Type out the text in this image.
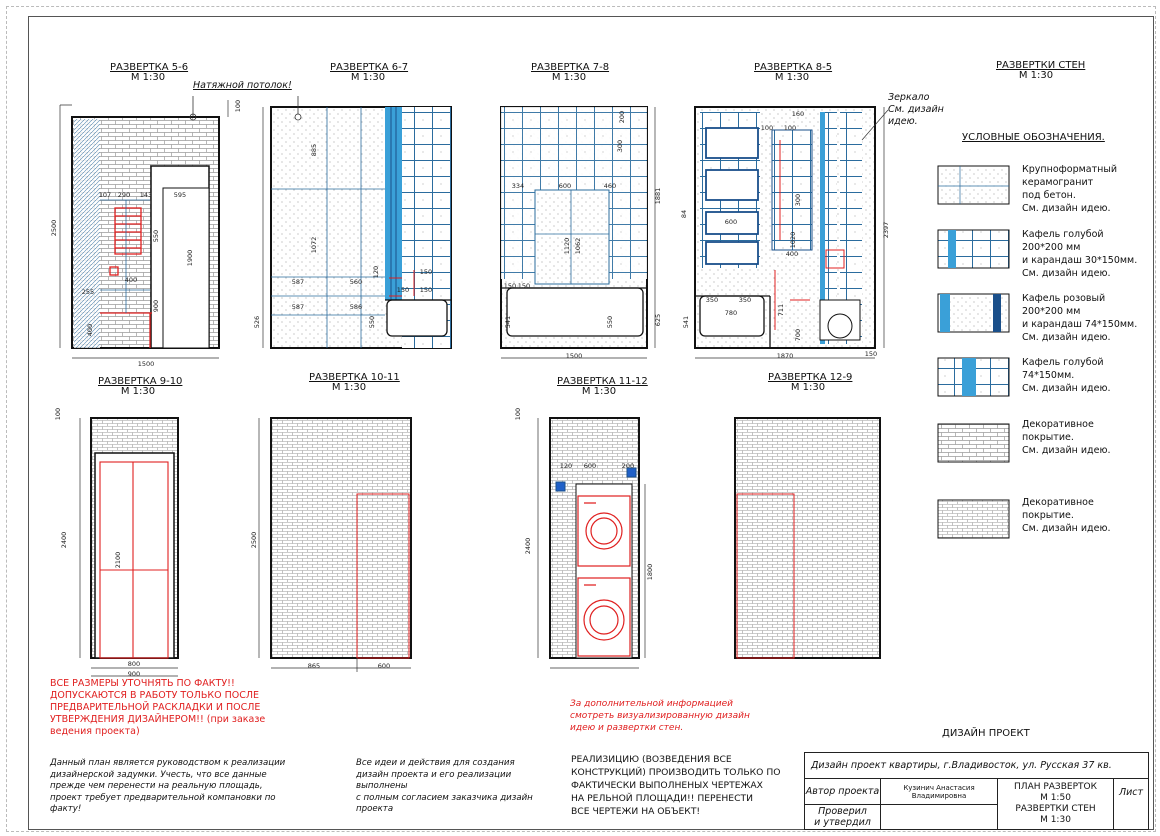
100
2500
107 290 143	595
550
400
900
255
1900
400
1500
885
1072
587	560
587	586
526	550
150
150
150
120
200
334	600	460
1120 1062
1881
300
150 150
541	550	625
1500
100 100
160
300
600
1020
400
2397
350	350
780	711
700
1870
541
150
84
100
2400
2100
800
900
2500
865	600
100
2400
120 600	200
1800
РАЗВЕРТКА 5-6
М 1:30
РАЗВЕРТКА 6-7
М 1:30
РАЗВЕРТКА 7-8
М 1:30
РАЗВЕРТКА 8-5
М 1:30
РАЗВЕРТКИ СТЕН
М 1:30
РАЗВЕРТКА 9-10
М 1:30
РАЗВЕРТКА 10-11
М 1:30
РАЗВЕРТКА 11-12
М 1:30
РАЗВЕРТКА 12-9
М 1:30
Натяжной потолок!
Зеркало
См. дизайн
идею.
УСЛОВНЫЕ ОБОЗНАЧЕНИЯ.
Крупноформатный
керамогранит
под бетон.
См. дизайн идею.
Кафель голубой
200*200 мм
и карандаш 30*150мм.
См. дизайн идею.
Кафель розовый
200*200 мм
и карандаш 74*150мм.
См. дизайн идею.
Кафель голубой
74*150мм.
См. дизайн идею.
Декоративное
покрытие.
См. дизайн идею.
Декоративное
покрытие.
См. дизайн идею.
ВСЕ РАЗМЕРЫ УТОЧНЯТЬ ПО ФАКТУ!!
ДОПУСКАЮТСЯ В РАБОТУ ТОЛЬКО ПОСЛЕ
ПРЕДВАРИТЕЛЬНОЙ РАСКЛАДКИ И ПОСЛЕ
УТВЕРЖДЕНИЯ ДИЗАЙНЕРОМ!! (при заказе
ведения проекта)
За дополнительной информацией
смотреть визуализированную дизайн
идею и развертки стен.
Данный план является руководством к реализации
дизайнерской задумки. Учесть, что все данные
прежде чем перенести на реальную площадь,
проект требует предварительной компановки по
факту!
Все идеи и действия для создания
дизайн проекта и его реализации
выполнены
с полным согласием заказчика дизайн
проекта
РЕАЛИЗИЦИЮ (ВОЗВЕДЕНИЯ ВСЕ
КОНСТРУКЦИЙ) ПРОИЗВОДИТЬ ТОЛЬКО ПО
ФАКТИЧЕСКИ ВЫПОЛНЕНЫХ ЧЕРТЕЖАХ
НА РЕЛЬНОЙ ПЛОЩАДИ!! ПЕРЕНЕСТИ
ВСЕ ЧЕРТЕЖИ НА ОБЪЕКТ!
ДИЗАЙН ПРОЕКТ
Дизайн проект квартиры, г.Владивосток, ул. Русская 37 кв.
Автор проекта	Кузинич Анастасия
Владимировна
ПЛАН РАЗВЕРТОК
М 1:50
РАЗВЕРТКИ СТЕН
М 1:30
Лист
Проверил
и утвердил
